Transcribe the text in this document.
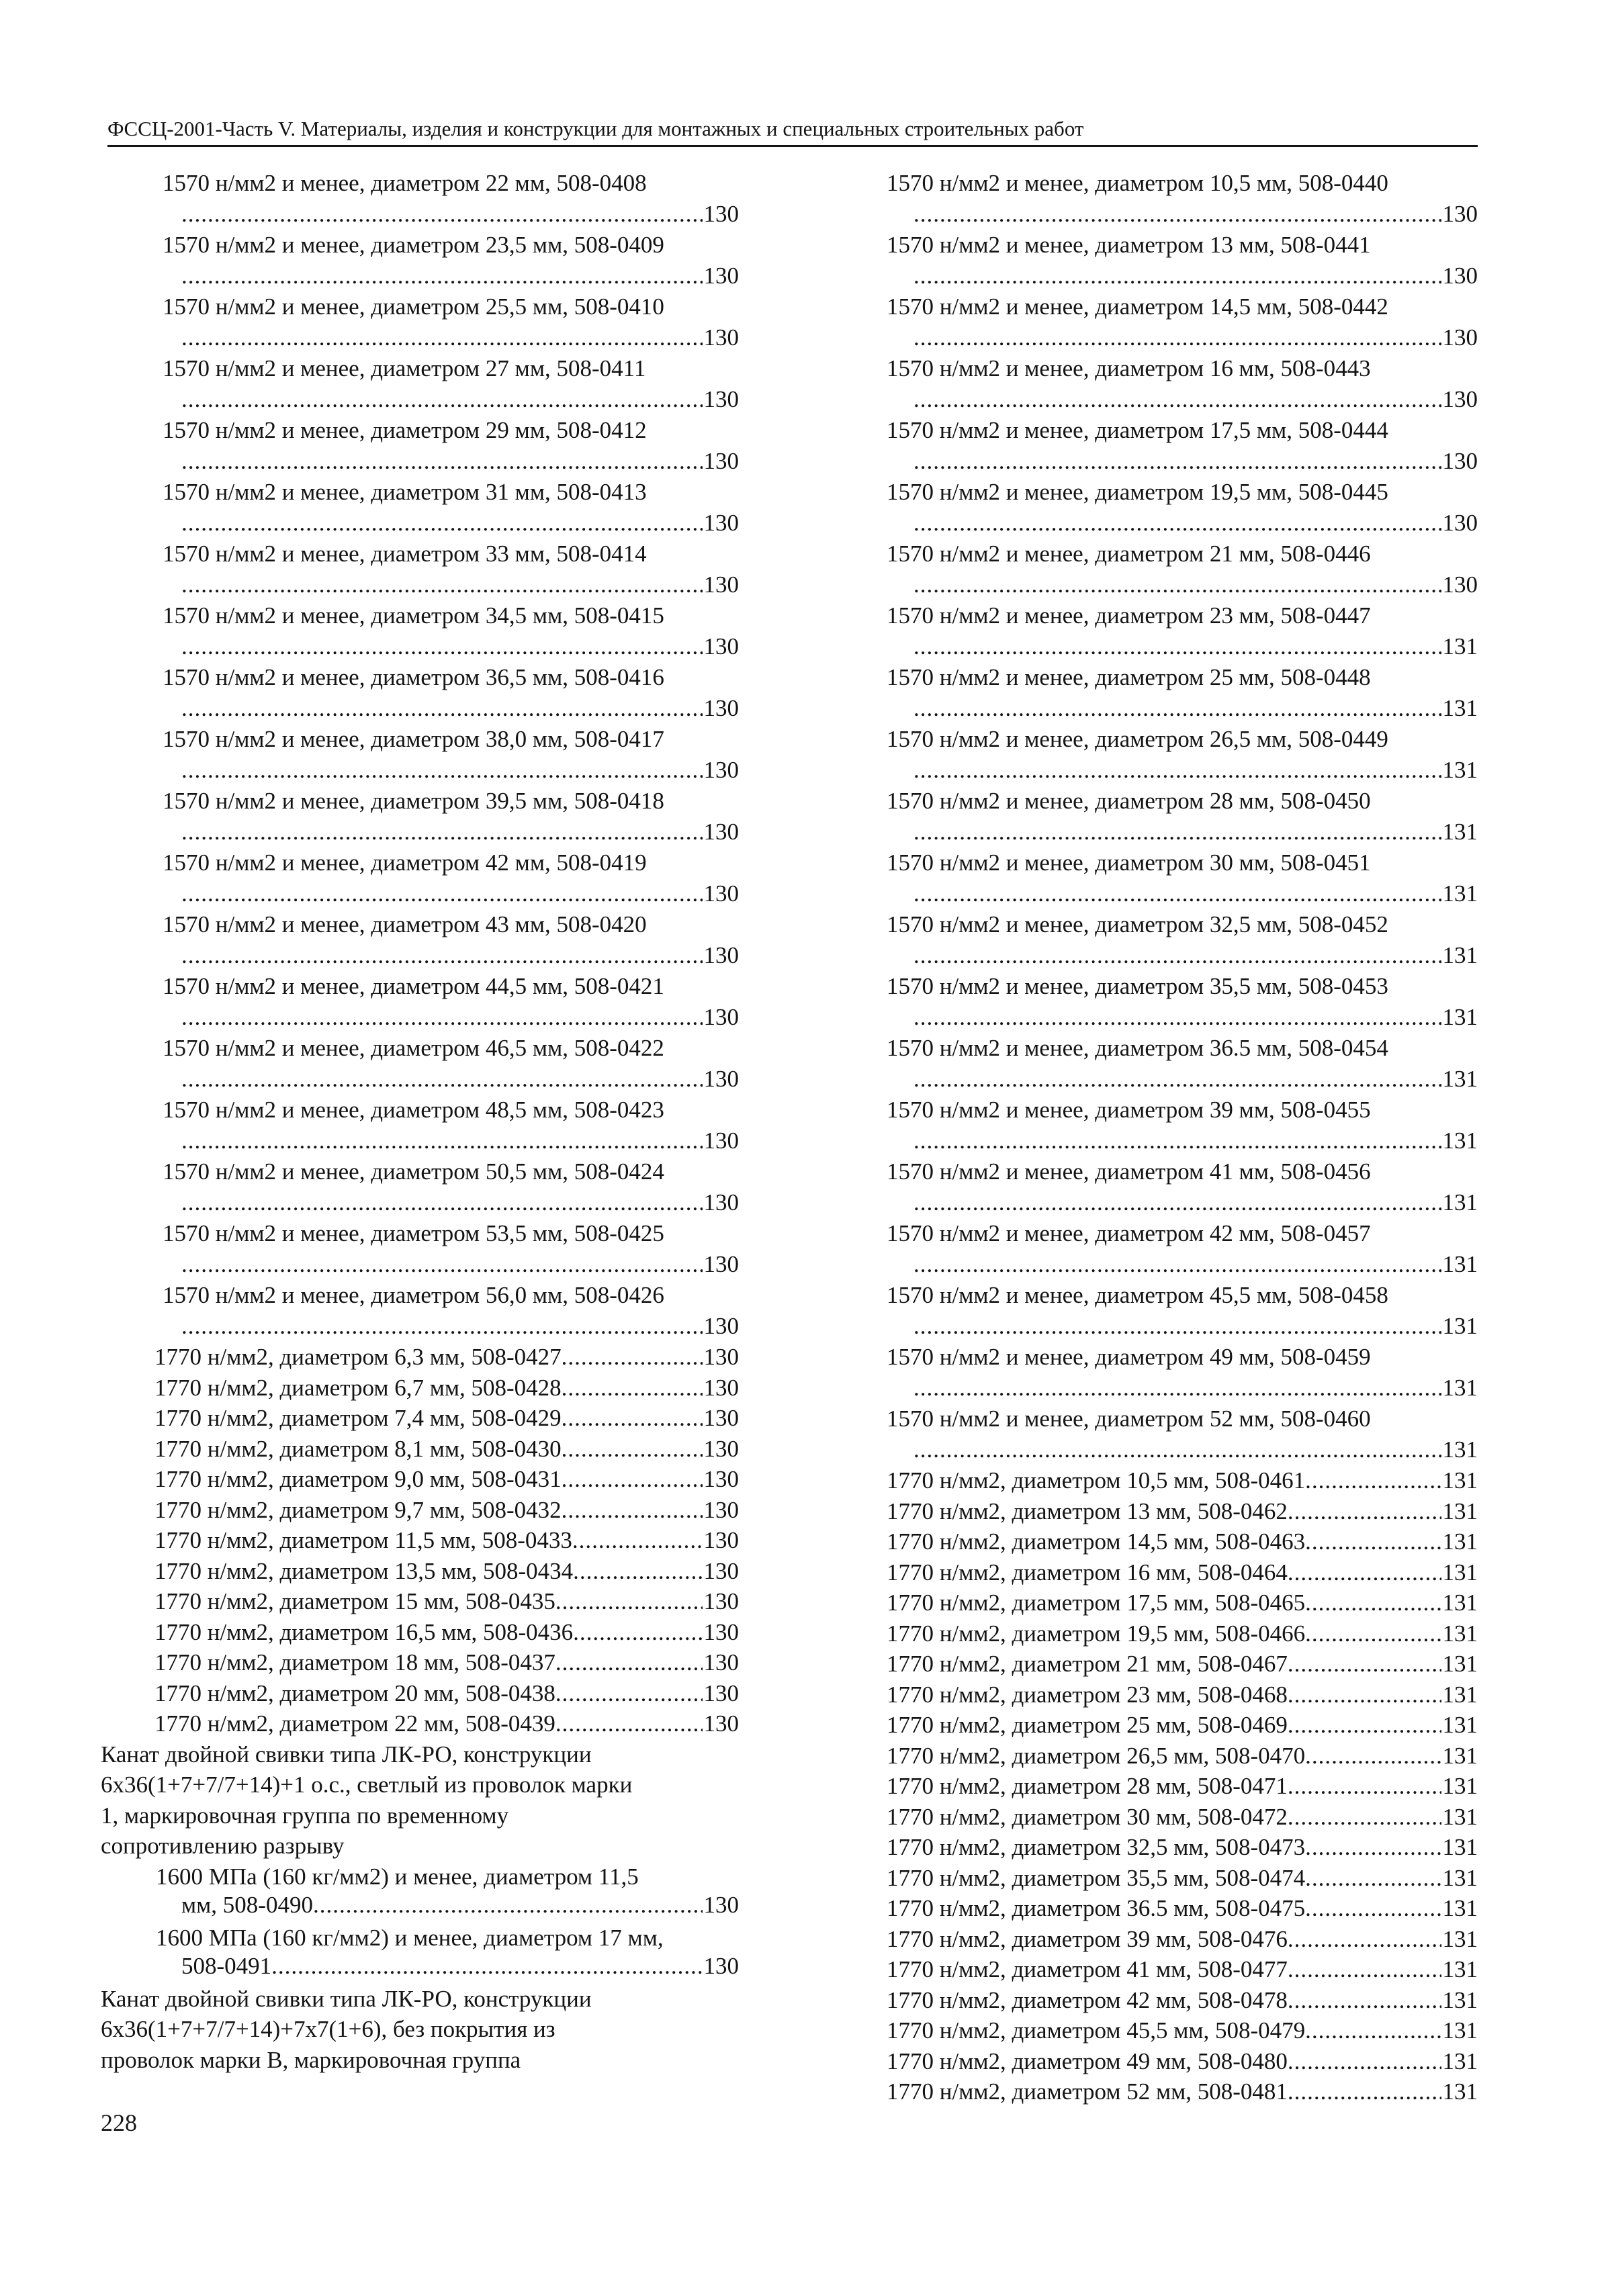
ФССЦ-2001-Часть V. Материалы, изделия и конструкции для монтажных и специальных строительных работ
1570 н/мм2 и менее, диаметром 22 мм, 508-0408
.....
130
1570 н/мм2 и менее, диаметром 23,5 мм, 508-0409
.....
130
1570 н/мм2 и менее, диаметром 25,5 мм, 508-0410
.....
130
1570 н/мм2 и менее, диаметром 27 мм, 508-0411
.....
130
1570 н/мм2 и менее, диаметром 29 мм, 508-0412
.....
130
1570 н/мм2 и менее, диаметром 31 мм, 508-0413
.....
130
1570 н/мм2 и менее, диаметром 33 мм, 508-0414
.....
130
1570 н/мм2 и менее, диаметром 34,5 мм, 508-0415
.....
130
1570 н/мм2 и менее, диаметром 36,5 мм, 508-0416
.....
130
1570 н/мм2 и менее, диаметром 38,0 мм, 508-0417
.....
130
1570 н/мм2 и менее, диаметром 39,5 мм, 508-0418
.....
130
1570 н/мм2 и менее, диаметром 42 мм, 508-0419
.....
130
1570 н/мм2 и менее, диаметром 43 мм, 508-0420
.....
130
1570 н/мм2 и менее, диаметром 44,5 мм, 508-0421
.....
130
1570 н/мм2 и менее, диаметром 46,5 мм, 508-0422
.....
130
1570 н/мм2 и менее, диаметром 48,5 мм, 508-0423
.....
130
1570 н/мм2 и менее, диаметром 50,5 мм, 508-0424
.....
130
1570 н/мм2 и менее, диаметром 53,5 мм, 508-0425
.....
130
1570 н/мм2 и менее, диаметром 56,0 мм, 508-0426
.....
130
1770 н/мм2, диаметром 6,3 мм, 508-0427 .....	130
1770 н/мм2, диаметром 6,7 мм, 508-0428 .....	130
1770 н/мм2, диаметром 7,4 мм, 508-0429 .....	130
1770 н/мм2, диаметром 8,1 мм, 508-0430 .....	130
1770 н/мм2, диаметром 9,0 мм, 508-0431 .....	130
1770 н/мм2, диаметром 9,7 мм, 508-0432 .....	130
1770 н/мм2, диаметром 11,5 мм, 508-0433 .....	130
1770 н/мм2, диаметром 13,5 мм, 508-0434 .....	130
1770 н/мм2, диаметром 15 мм, 508-0435 .....	130
1770 н/мм2, диаметром 16,5 мм, 508-0436 .....	130
1770 н/мм2, диаметром 18 мм, 508-0437 .....	130
1770 н/мм2, диаметром 20 мм, 508-0438 .....	130
1770 н/мм2, диаметром 22 мм, 508-0439 .....	130
Канат двойной свивки типа ЛК-РО, конструкции
6х36(1+7+7/7+14)+1 о.с., светлый из проволок марки
1, маркировочная группа по временному
сопротивлению разрыву
1600 МПа (160 кг/мм2) и менее, диаметром 11,5
мм, 508-0490 .....	130
1600 МПа (160 кг/мм2) и менее, диаметром 17 мм,
508-0491 .....	130
Канат двойной свивки типа ЛК-РО, конструкции
6х36(1+7+7/7+14)+7х7(1+6), без покрытия из
проволок марки В, маркировочная группа
1570 н/мм2 и менее, диаметром 10,5 мм, 508-0440
.....
130
1570 н/мм2 и менее, диаметром 13 мм, 508-0441
.....
130
1570 н/мм2 и менее, диаметром 14,5 мм, 508-0442
.....
130
1570 н/мм2 и менее, диаметром 16 мм, 508-0443
.....
130
1570 н/мм2 и менее, диаметром 17,5 мм, 508-0444
.....
130
1570 н/мм2 и менее, диаметром 19,5 мм, 508-0445
.....
130
1570 н/мм2 и менее, диаметром 21 мм, 508-0446
.....
130
1570 н/мм2 и менее, диаметром 23 мм, 508-0447
.....
131
1570 н/мм2 и менее, диаметром 25 мм, 508-0448
.....
131
1570 н/мм2 и менее, диаметром 26,5 мм, 508-0449
.....
131
1570 н/мм2 и менее, диаметром 28 мм, 508-0450
.....
131
1570 н/мм2 и менее, диаметром 30 мм, 508-0451
.....
131
1570 н/мм2 и менее, диаметром 32,5 мм, 508-0452
.....
131
1570 н/мм2 и менее, диаметром 35,5 мм, 508-0453
.....
131
1570 н/мм2 и менее, диаметром 36.5 мм, 508-0454
.....
131
1570 н/мм2 и менее, диаметром 39 мм, 508-0455
.....
131
1570 н/мм2 и менее, диаметром 41 мм, 508-0456
.....
131
1570 н/мм2 и менее, диаметром 42 мм, 508-0457
.....
131
1570 н/мм2 и менее, диаметром 45,5 мм, 508-0458
.....
131
1570 н/мм2 и менее, диаметром 49 мм, 508-0459
.....
131
1570 н/мм2 и менее, диаметром 52 мм, 508-0460
.....
131
1770 н/мм2, диаметром 10,5 мм, 508-0461 .....	131
1770 н/мм2, диаметром 13 мм, 508-0462 .....	131
1770 н/мм2, диаметром 14,5 мм, 508-0463 .....	131
1770 н/мм2, диаметром 16 мм, 508-0464 .....	131
1770 н/мм2, диаметром 17,5 мм, 508-0465 .....	131
1770 н/мм2, диаметром 19,5 мм, 508-0466 .....	131
1770 н/мм2, диаметром 21 мм, 508-0467 .....	131
1770 н/мм2, диаметром 23 мм, 508-0468 .....	131
1770 н/мм2, диаметром 25 мм, 508-0469 .....	131
1770 н/мм2, диаметром 26,5 мм, 508-0470 .....	131
1770 н/мм2, диаметром 28 мм, 508-0471 .....	131
1770 н/мм2, диаметром 30 мм, 508-0472 .....	131
1770 н/мм2, диаметром 32,5 мм, 508-0473 .....	131
1770 н/мм2, диаметром 35,5 мм, 508-0474 .....	131
1770 н/мм2, диаметром 36.5 мм, 508-0475 .....	131
1770 н/мм2, диаметром 39 мм, 508-0476 .....	131
1770 н/мм2, диаметром 41 мм, 508-0477 .....	131
1770 н/мм2, диаметром 42 мм, 508-0478 .....	131
1770 н/мм2, диаметром 45,5 мм, 508-0479 .....	131
1770 н/мм2, диаметром 49 мм, 508-0480 .....	131
1770 н/мм2, диаметром 52 мм, 508-0481 .....	131
228
